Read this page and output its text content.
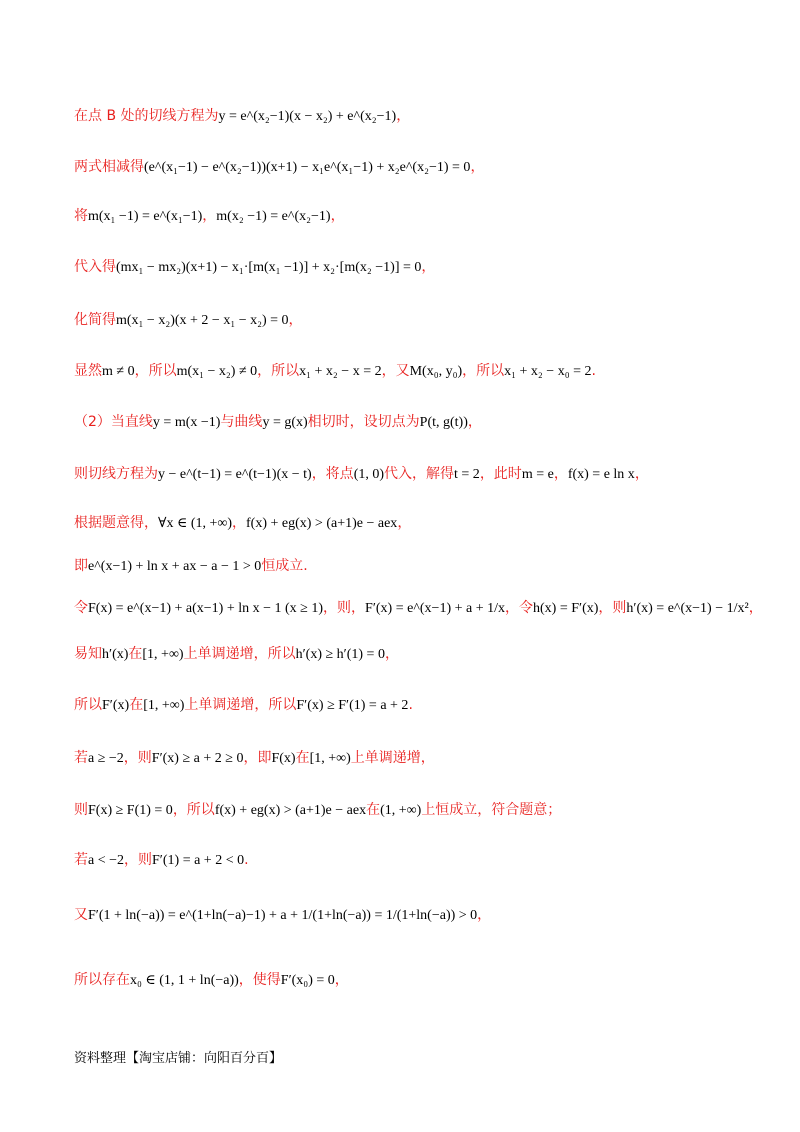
在点 B 处的切线方程为y = e^(x₂−1)(x − x₂) + e^(x₂−1)，
两式相减得(e^(x₁−1) − e^(x₂−1))(x+1) − x₁e^(x₁−1) + x₂e^(x₂−1) = 0，
将m(x₁ −1) = e^(x₁−1)，m(x₂ −1) = e^(x₂−1)，
代入得(mx₁ − mx₂)(x+1) − x₁·[m(x₁ −1)] + x₂·[m(x₂ −1)] = 0，
化简得m(x₁ − x₂)(x + 2 − x₁ − x₂) = 0，
显然m ≠ 0，所以m(x₁ − x₂) ≠ 0，所以x₁ + x₂ − x = 2，又M(x₀, y₀)，所以x₁ + x₂ − x₀ = 2.
（2）当直线y = m(x −1)与曲线y = g(x)相切时，设切点为P(t, g(t))，
则切线方程为y − e^(t−1) = e^(t−1)(x − t)，将点(1, 0)代入，解得t = 2，此时m = e，f(x) = e ln x，
根据题意得，∀x ∈ (1, +∞)，f(x) + eg(x) > (a+1)e − aex，
即e^(x−1) + ln x + ax − a − 1 > 0恒成立.
令F(x) = e^(x−1) + a(x−1) + ln x − 1 (x ≥ 1)，则，F′(x) = e^(x−1) + a + 1/x，令h(x) = F′(x)，则h′(x) = e^(x−1) − 1/x²，
易知h′(x)在[1, +∞)上单调递增，所以h′(x) ≥ h′(1) = 0，
所以F′(x)在[1, +∞)上单调递增，所以F′(x) ≥ F′(1) = a + 2.
若a ≥ −2，则F′(x) ≥ a + 2 ≥ 0，即F(x)在[1, +∞)上单调递增，
则F(x) ≥ F(1) = 0，所以f(x) + eg(x) > (a+1)e − aex在(1, +∞)上恒成立，符合题意；
若a < −2，则F′(1) = a + 2 < 0.
又F′(1 + ln(−a)) = e^(1+ln(−a)−1) + a + 1/(1+ln(−a)) = 1/(1+ln(−a)) > 0，
所以存在x₀ ∈ (1, 1 + ln(−a))，使得F′(x₀) = 0，
资料整理【淘宝店铺：向阳百分百】
